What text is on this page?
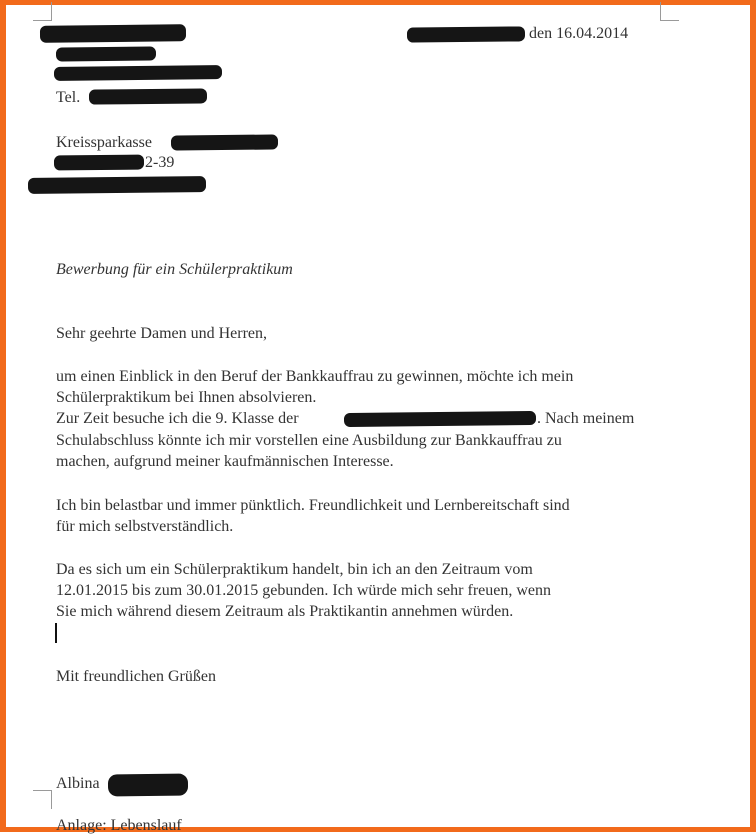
Tel.
den 16.04.2014
Kreissparkasse
2-39
Bewerbung für ein Schülerpraktikum
Sehr geehrte Damen und Herren,
um einen Einblick in den Beruf der Bankkauffrau zu gewinnen, möchte ich mein
Schülerpraktikum bei Ihnen absolvieren.
Zur Zeit besuche ich die 9. Klasse der	. Nach meinem
Schulabschluss könnte ich mir vorstellen eine Ausbildung zur Bankkauffrau zu
machen, aufgrund meiner kaufmännischen Interesse.
Ich bin belastbar und immer pünktlich. Freundlichkeit und Lernbereitschaft sind
für mich selbstverständlich.
Da es sich um ein Schülerpraktikum handelt, bin ich an den Zeitraum vom
12.01.2015 bis zum 30.01.2015 gebunden. Ich würde mich sehr freuen, wenn
Sie mich während diesem Zeitraum als Praktikantin annehmen würden.
Mit freundlichen Grüßen
Albina
Anlage: Lebenslauf
